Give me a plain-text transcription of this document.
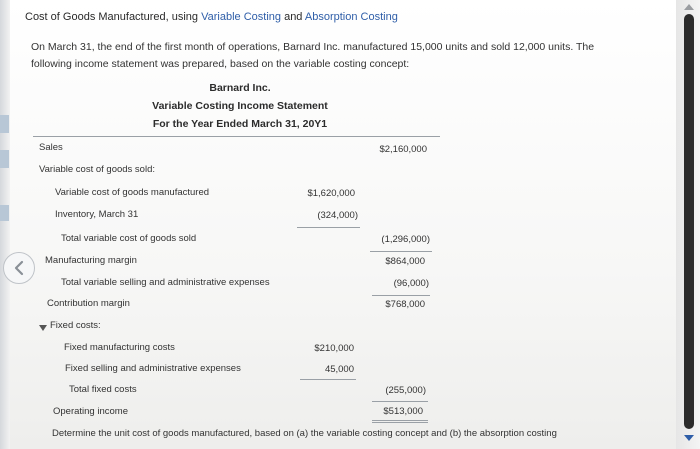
Cost of Goods Manufactured, using Variable Costing and Absorption Costing
On March 31, the end of the first month of operations, Barnard Inc. manufactured 15,000 units and sold 12,000 units. The
following income statement was prepared, based on the variable costing concept:
Barnard Inc.
Variable Costing Income Statement
For the Year Ended March 31, 20Y1
Sales	$2,160,000
Variable cost of goods sold:
Variable cost of goods manufactured	$1,620,000
Inventory, March 31	(324,000)
Total variable cost of goods sold	(1,296,000)
Manufacturing margin	$864,000
Total variable selling and administrative expenses	(96,000)
Contribution margin	$768,000
Fixed costs:
Fixed manufacturing costs	$210,000
Fixed selling and administrative expenses	45,000
Total fixed costs	(255,000)
Operating income	$513,000
Determine the unit cost of goods manufactured, based on (a) the variable costing concept and (b) the absorption costing
